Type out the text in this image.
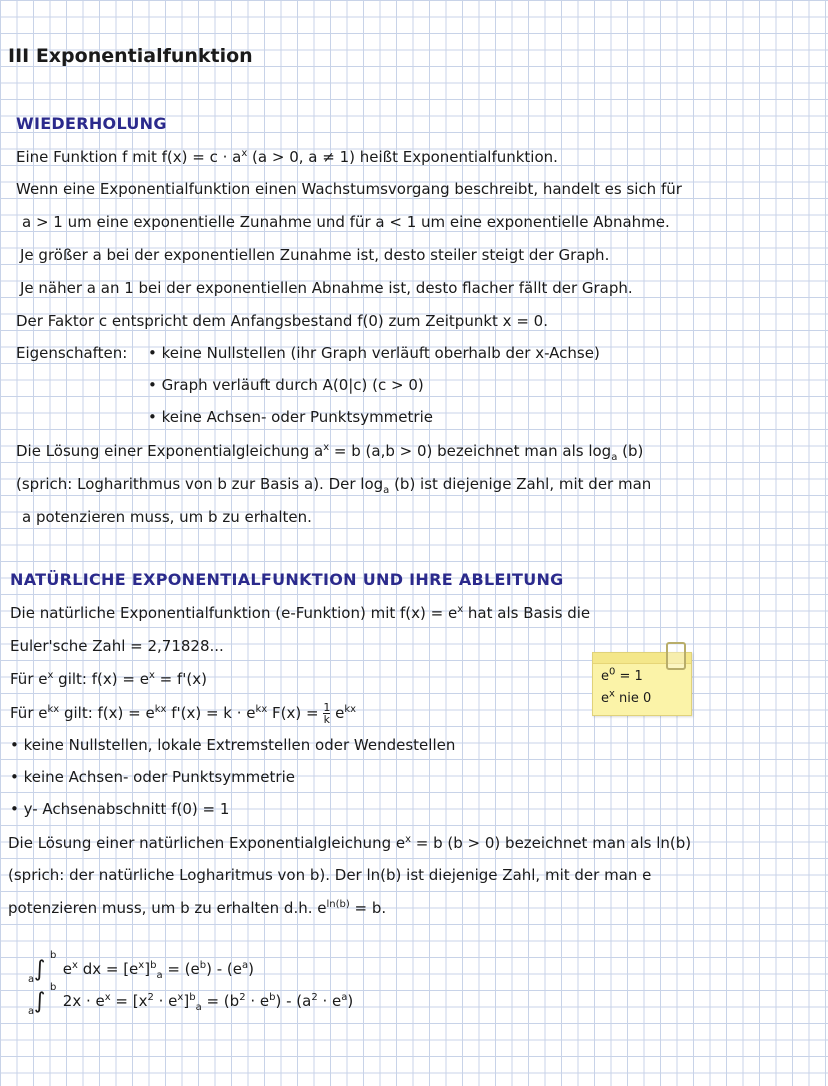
III Exponentialfunktion
WIEDERHOLUNG
Eine Funktion f mit $f(x) = c \cdot a^x$ (a > 0, a ≠ 1) heißt Exponentialfunktion.
Wenn eine Exponentialfunktion einen Wachstumsvorgang beschreibt, handelt es sich für
a > 1 um eine exponentielle Zunahme und für a < 1 um eine exponentielle Abnahme.
Je größer a bei der exponentiellen Zunahme ist, desto steiler steigt der Graph.
Je näher a an 1 bei der exponentiellen Abnahme ist, desto flacher fällt der Graph.
Der Faktor c entspricht dem Anfangsbestand f(0) zum Zeitpunkt x = 0.
Eigenschaften: • keine Nullstellen (ihr Graph verläuft oberhalb der x-Achse)
• Graph verläuft durch A(0|c) (c > 0)
• keine Achsen- oder Punktsymmetrie
Die Lösung einer Exponentialgleichung $a^x = b$ (a,b > 0) bezeichnet man als $\log_a (b)$
(sprich: Logharithmus von b zur Basis a). Der $\log_a (b)$ ist diejenige Zahl, mit der man
a potenzieren muss, um b zu erhalten.
NATÜRLICHE EXPONENTIALFUNKTION UND IHRE ABLEITUNG
Die natürliche Exponentialfunktion (e-Funktion) mit $f(x) = e^x$ hat als Basis die
Euler'sche Zahl = 2,71828...
Für $e^x$ gilt: $f(x) = e^x = f'(x)$
Für $e^{kx}$ gilt: $f(x) = e^{kx}$ $f'(x) = k \cdot e^{kx}$ $F(x) = \frac{1}{k} e^{kx}$
• keine Nullstellen, lokale Extremstellen oder Wendestellen
• keine Achsen- oder Punktsymmetrie
• y- Achsenabschnitt f(0) = 1
Die Lösung einer natürlichen Exponentialgleichung $e^x = b$ (b > 0) bezeichnet man als ln(b)
(sprich: der natürliche Logharitmus von b). Der ln(b) ist diejenige Zahl, mit der man e
potenzieren muss, um b zu erhalten d.h. $e^{ln(b)} = b$.
∫
b
a
$e^x$ dx = $[e^x]^b_a = (e^b) - (e^a)$
∫
b
a
$2x \cdot e^x = [x^2 \cdot e^x]^b_a = (b^2 \cdot e^b) - (a^2 \cdot e^a)$
$e^0 = 1$
$e^x$ nie 0
